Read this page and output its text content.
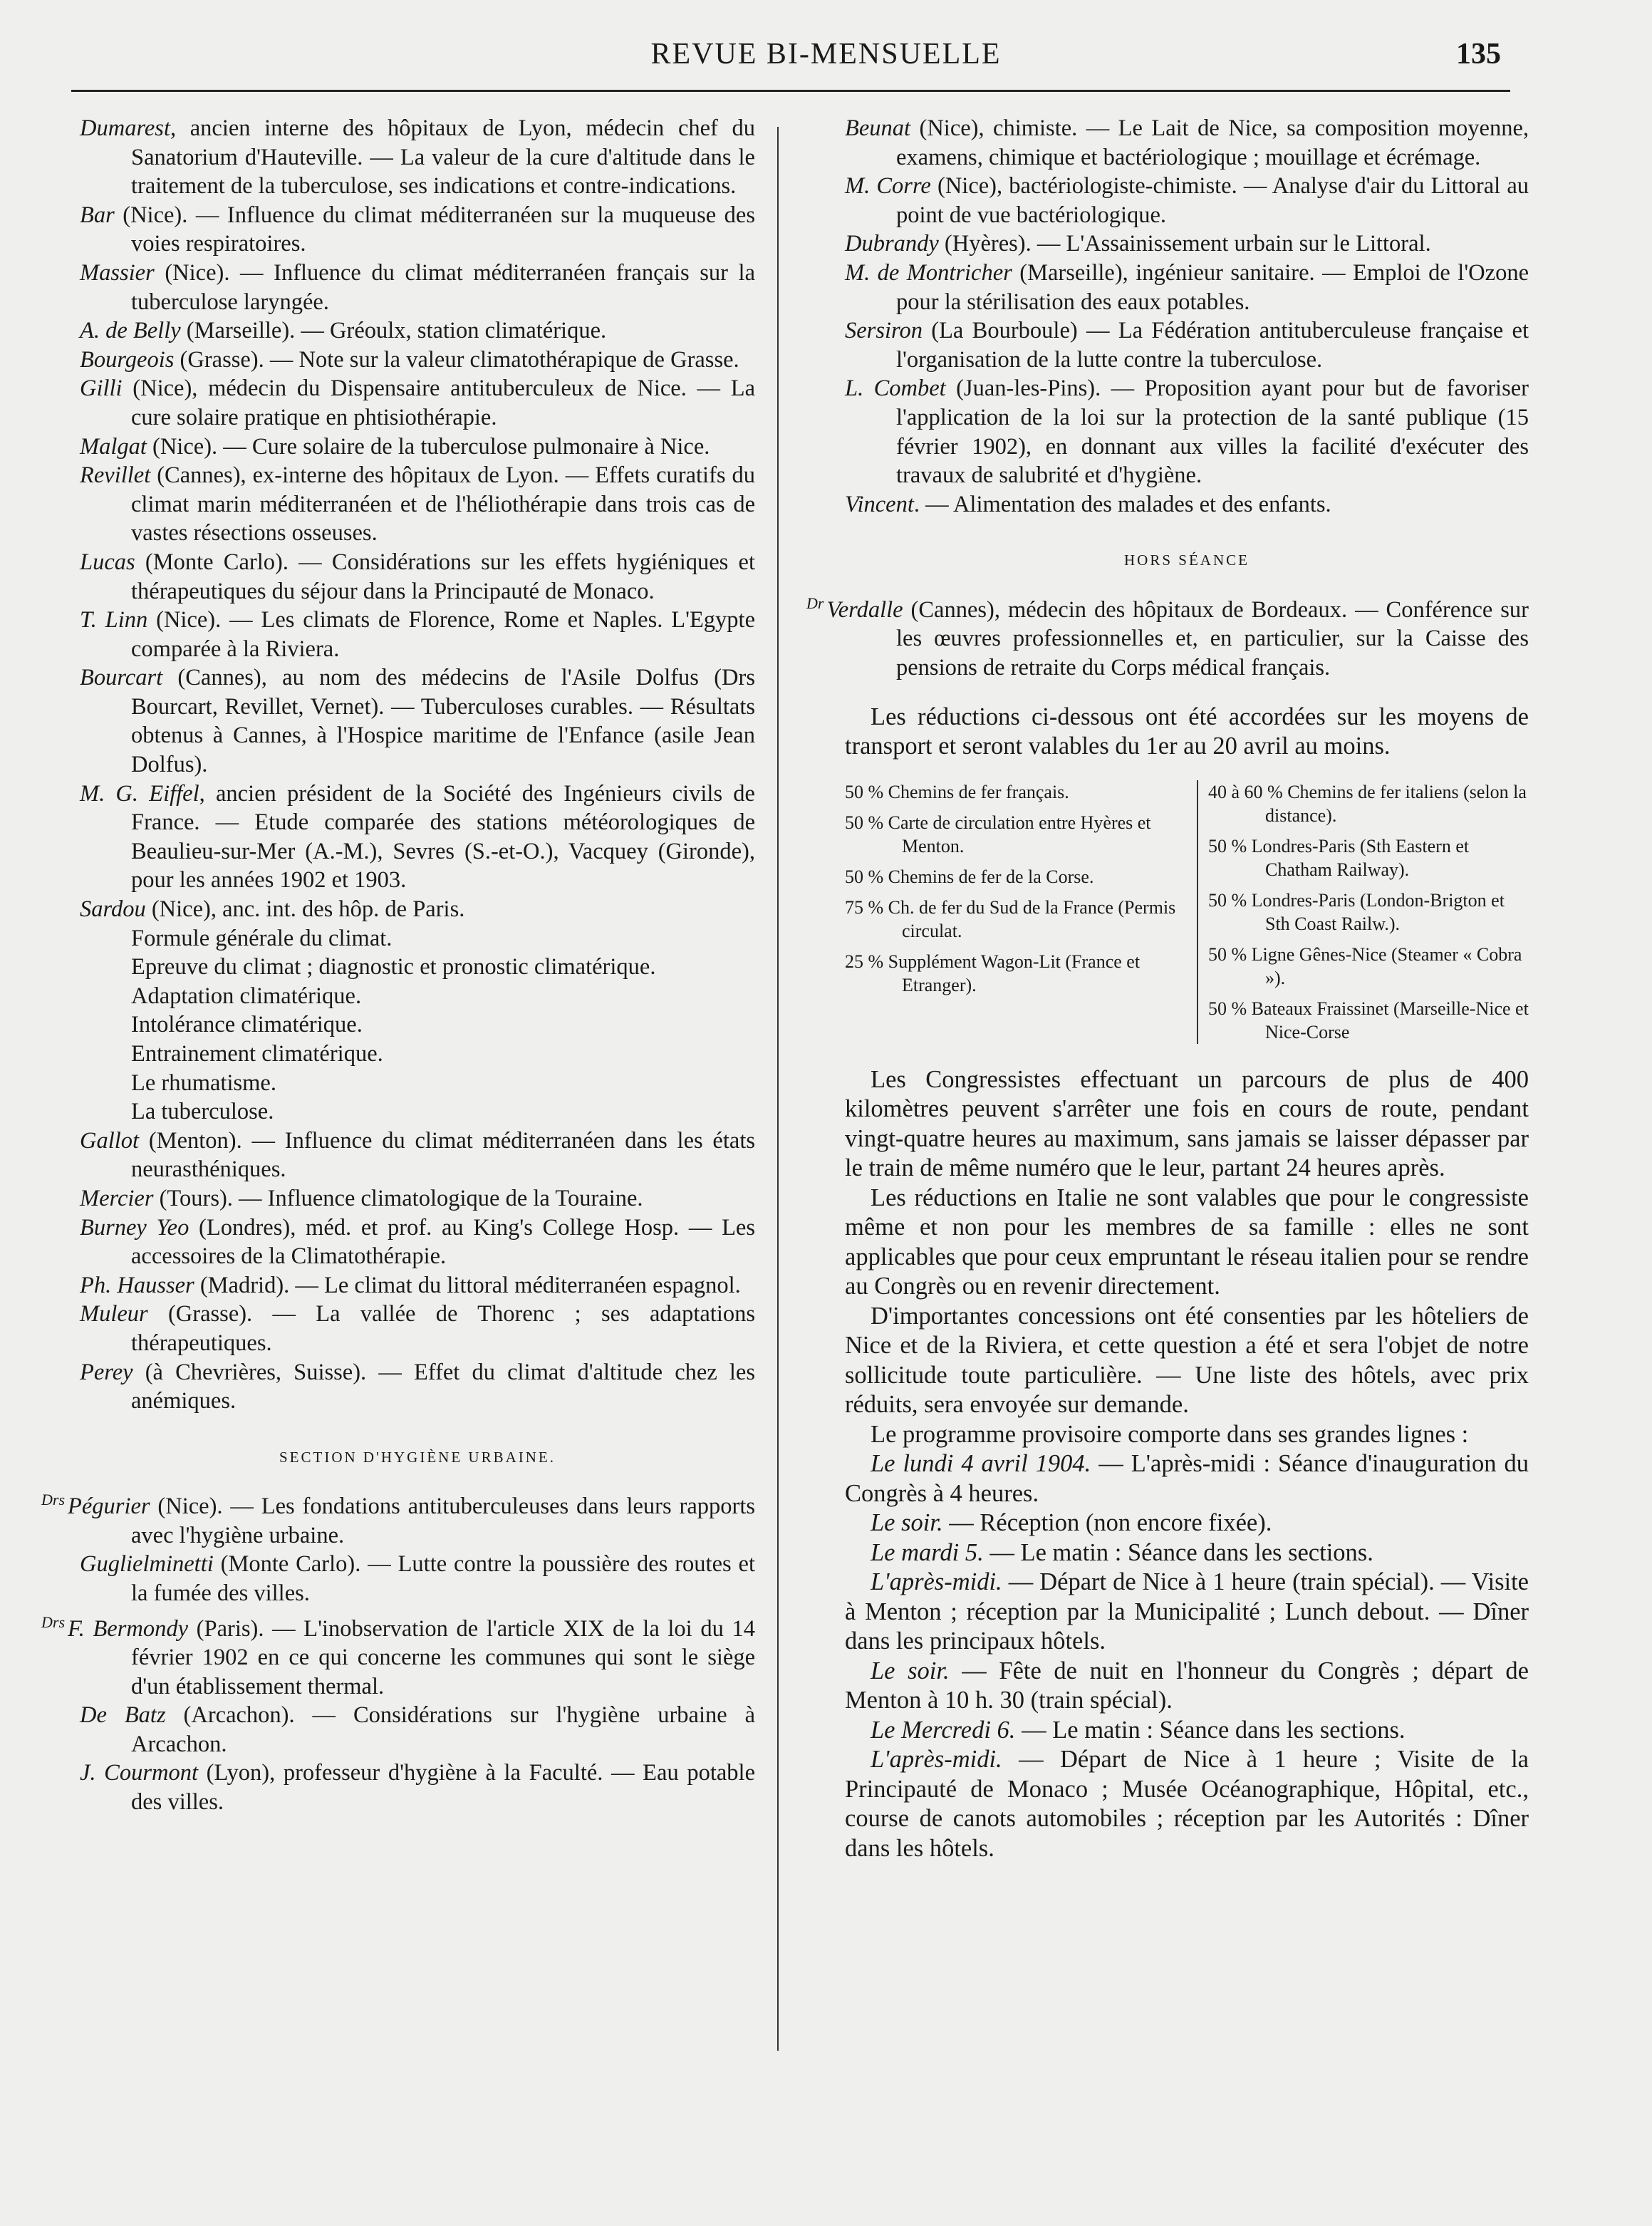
REVUE BI-MENSUELLE	135

Dumarest, ancien interne des hôpitaux de Lyon, médecin chef du Sanatorium d'Hauteville. — La valeur de la cure d'altitude dans le traitement de la tuberculose, ses indications et contre-indications.

Bar (Nice). — Influence du climat méditerranéen sur la muqueuse des voies respiratoires.

Massier (Nice). — Influence du climat méditerranéen français sur la tuberculose laryngée.

A. de Belly (Marseille). — Gréoulx, station climatérique.

Bourgeois (Grasse). — Note sur la valeur climatothérapique de Grasse.

Gilli (Nice), médecin du Dispensaire antituberculeux de Nice. — La cure solaire pratique en phtisiothérapie.

Malgat (Nice). — Cure solaire de la tuberculose pulmonaire à Nice.

Revillet (Cannes), ex-interne des hôpitaux de Lyon. — Effets curatifs du climat marin méditerranéen et de l'héliothérapie dans trois cas de vastes résections osseuses.

Lucas (Monte Carlo). — Considérations sur les effets hygiéniques et thérapeutiques du séjour dans la Principauté de Monaco.

T. Linn (Nice). — Les climats de Florence, Rome et Naples. L'Egypte comparée à la Riviera.

Bourcart (Cannes), au nom des médecins de l'Asile Dolfus (Drs Bourcart, Revillet, Vernet). — Tuberculoses curables. — Résultats obtenus à Cannes, à l'Hospice maritime de l'Enfance (asile Jean Dolfus).

M. G. Eiffel, ancien président de la Société des Ingénieurs civils de France. — Etude comparée des stations météorologiques de Beaulieu-sur-Mer (A.-M.), Sevres (S.-et-O.), Vacquey (Gironde), pour les années 1902 et 1903.

Sardou (Nice), anc. int. des hôp. de Paris.

Formule générale du climat.
Epreuve du climat ; diagnostic et pronostic climatérique.
Adaptation climatérique.
Intolérance climatérique.
Entrainement climatérique.
Le rhumatisme.
La tuberculose.

Gallot (Menton). — Influence du climat méditerranéen dans les états neurasthéniques.

Mercier (Tours). — Influence climatologique de la Touraine.

Burney Yeo (Londres), méd. et prof. au King's College Hosp. — Les accessoires de la Climatothérapie.

Ph. Hausser (Madrid). — Le climat du littoral méditerranéen espagnol.

Muleur (Grasse). — La vallée de Thorenc ; ses adaptations thérapeutiques.

Perey (à Chevrières, Suisse). — Effet du climat d'altitude chez les anémiques.

SECTION D'HYGIÈNE URBAINE.

$^{Drs}$ Pégurier (Nice). — Les fondations antituberculeuses dans leurs rapports avec l'hygiène urbaine.

Guglielminetti (Monte Carlo). — Lutte contre la poussière des routes et la fumée des villes.

$^{Drs}$ F. Bermondy (Paris). — L'inobservation de l'article XIX de la loi du 14 février 1902 en ce qui concerne les communes qui sont le siège d'un établissement thermal.

De Batz (Arcachon). — Considérations sur l'hygiène urbaine à Arcachon.

J. Courmont (Lyon), professeur d'hygiène à la Faculté. — Eau potable des villes.

Beunat (Nice), chimiste. — Le Lait de Nice, sa composition moyenne, examens, chimique et bactériologique ; mouillage et écrémage.

M. Corre (Nice), bactériologiste-chimiste. — Analyse d'air du Littoral au point de vue bactériologique.

Dubrandy (Hyères). — L'Assainissement urbain sur le Littoral.

M. de Montricher (Marseille), ingénieur sanitaire. — Emploi de l'Ozone pour la stérilisation des eaux potables.

Sersiron (La Bourboule) — La Fédération antituberculeuse française et l'organisation de la lutte contre la tuberculose.

L. Combet (Juan-les-Pins). — Proposition ayant pour but de favoriser l'application de la loi sur la protection de la santé publique (15 février 1902), en donnant aux villes la facilité d'exécuter des travaux de salubrité et d'hygiène.

Vincent. — Alimentation des malades et des enfants.

HORS SÉANCE

$^{Dr}$ Verdalle (Cannes), médecin des hôpitaux de Bordeaux. — Conférence sur les œuvres professionnelles et, en particulier, sur la Caisse des pensions de retraite du Corps médical français.

Les réductions ci-dessous ont été accordées sur les moyens de transport et seront valables du 1er au 20 avril au moins.

50 % Chemins de fer français.
50 % Carte de circulation entre Hyères et Menton.
50 % Chemins de fer de la Corse.
75 % Ch. de fer du Sud de la France (Permis circulat.
25 % Supplément Wagon-Lit (France et Etranger).
40 à 60 % Chemins de fer italiens (selon la distance).
50 % Londres-Paris (Sth Eastern et Chatham Railway).
50 % Londres-Paris (London-Brigton et Sth Coast Railw.).
50 % Ligne Gênes-Nice (Steamer « Cobra »).
50 % Bateaux Fraissinet (Marseille-Nice et Nice-Corse

Les Congressistes effectuant un parcours de plus de 400 kilomètres peuvent s'arrêter une fois en cours de route, pendant vingt-quatre heures au maximum, sans jamais se laisser dépasser par le train de même numéro que le leur, partant 24 heures après.

Les réductions en Italie ne sont valables que pour le congressiste même et non pour les membres de sa famille : elles ne sont applicables que pour ceux empruntant le réseau italien pour se rendre au Congrès ou en revenir directement.

D'importantes concessions ont été consenties par les hôteliers de Nice et de la Riviera, et cette question a été et sera l'objet de notre sollicitude toute particulière. — Une liste des hôtels, avec prix réduits, sera envoyée sur demande.

Le programme provisoire comporte dans ses grandes lignes :

Le lundi 4 avril 1904. — L'après-midi : Séance d'inauguration du Congrès à 4 heures.

Le soir. — Réception (non encore fixée).

Le mardi 5. — Le matin : Séance dans les sections.

L'après-midi. — Départ de Nice à 1 heure (train spécial). — Visite à Menton ; réception par la Municipalité ; Lunch debout. — Dîner dans les principaux hôtels.

Le soir. — Fête de nuit en l'honneur du Congrès ; départ de Menton à 10 h. 30 (train spécial).

Le Mercredi 6. — Le matin : Séance dans les sections.

L'après-midi. — Départ de Nice à 1 heure ; Visite de la Principauté de Monaco ; Musée Océanographique, Hôpital, etc., course de canots automobiles ; réception par les Autorités : Dîner dans les hôtels.
